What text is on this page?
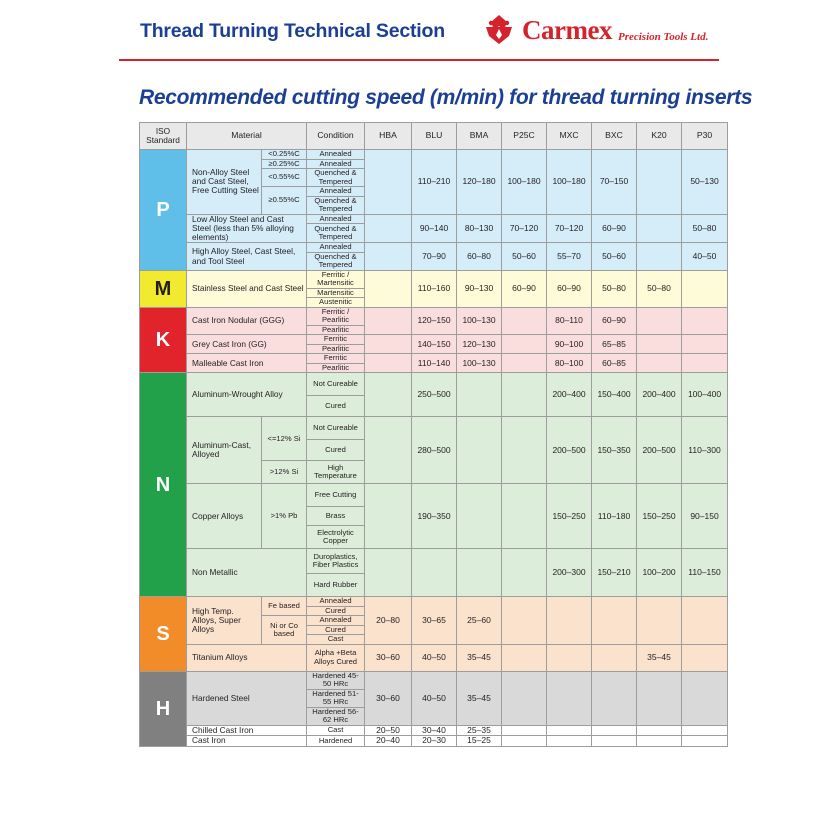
Thread Turning Technical Section	Carmex Precision Tools Ltd.
Recommended cutting speed (m/min) for thread turning inserts
ISO Standard	Material		Condition	HBA	BLU	BMA	P25C	MXC	BXC	K20	P30
P	Non-Alloy Steel and Cast Steel, Free Cutting Steel	<0.25%C	Annealed		110–210	120–180	100–180	100–180	70–150		50–130
		≥0.25%C	Annealed								
		<0.55%C	Quenched & Tempered								
		≥0.55%C	Annealed								
			Quenched & Tempered								
	Low Alloy Steel and Cast Steel (less than 5% alloying elements)		Annealed		90–140	80–130	70–120	70–120	60–90		50–80
			Quenched & Tempered								
	High Alloy Steel, Cast Steel, and Tool Steel		Annealed		70–90	60–80	50–60	55–70	50–60		40–50
			Quenched & Tempered								
M	Stainless Steel and Cast Steel		Ferritic / Martensitic		110–160	90–130	60–90	60–90	50–80	50–80	
			Martensitic								
			Austenitic								
K	Cast Iron Nodular (GGG)		Ferritic / Pearlitic		120–150	100–130		80–110	60–90		
			Pearlitic								
	Grey Cast Iron (GG)		Ferritic		140–150	120–130		90–100	65–85		
			Pearlitic								
	Malleable Cast Iron		Ferritic		110–140	100–130		80–100	60–85		
			Pearlitic								
N	Aluminum-Wrought Alloy		Not Cureable		250–500			200–400	150–400	200–400	100–400
			Cured								
	Aluminum-Cast, Alloyed	<=12% Si	Not Cureable		280–500			200–500	150–350	200–500	110–300
			Cured								
		>12% Si	High Temperature								
	Copper Alloys	>1% Pb	Free Cutting		190–350			150–250	110–180	150–250	90–150
			Brass								
			Electrolytic Copper								
	Non Metallic		Duroplastics, Fiber Plastics					200–300	150–210	100–200	110–150
			Hard Rubber								
S	High Temp. Alloys, Super Alloys	Fe based	Annealed	20–80	30–65	25–60					
			Cured								
		Ni or Co based	Annealed								
			Cured								
			Cast								
	Titanium Alloys		Alpha +Beta Alloys Cured	30–60	40–50	35–45				35–45	
H	Hardened Steel		Hardened 45-50 HRc	30–60	40–50	35–45					
			Hardened 51-55 HRc								
			Hardened 56-62 HRc								
	Chilled Cast Iron		Cast	20–50	30–40	25–35					
	Cast Iron		Hardened	20–40	20–30	15–25					
